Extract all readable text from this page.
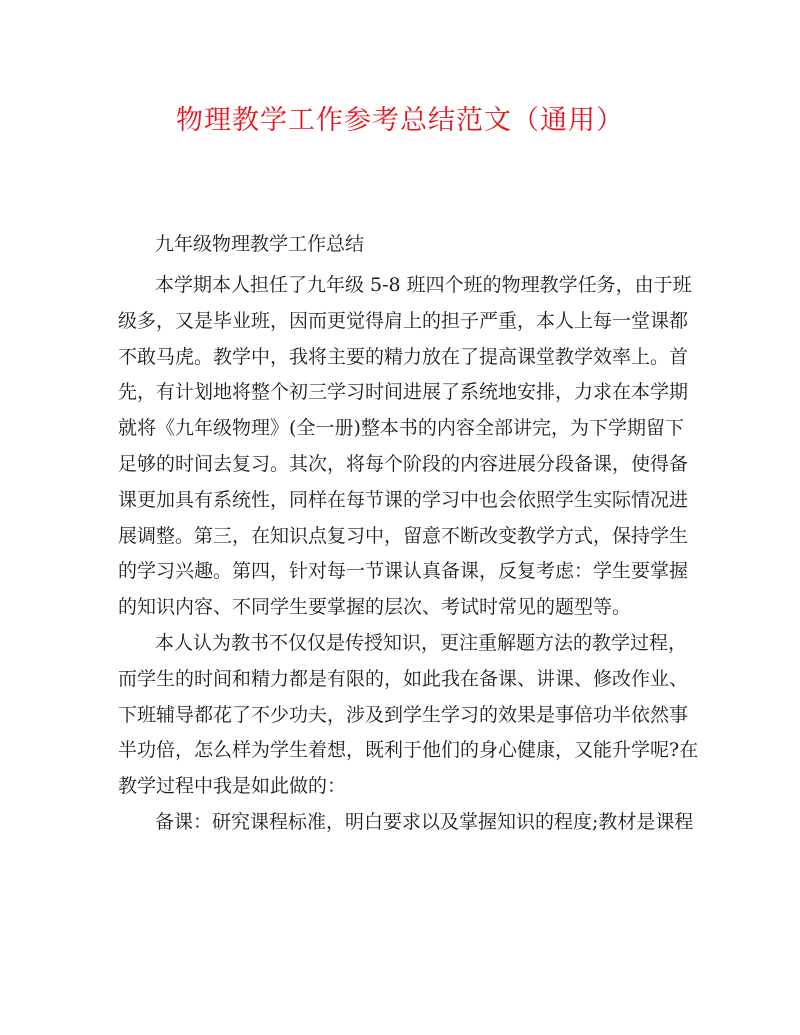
物理教学工作参考总结范文（通用）
九年级物理教学工作总结
本学期本人担任了九年级 5-8 班四个班的物理教学任务，由于班
级多，又是毕业班，因而更觉得肩上的担子严重，本人上每一堂课都
不敢马虎。教学中，我将主要的精力放在了提高课堂教学效率上。首
先，有计划地将整个初三学习时间进展了系统地安排，力求在本学期
就将《九年级物理》(全一册)整本书的内容全部讲完，为下学期留下
足够的时间去复习。其次，将每个阶段的内容进展分段备课，使得备
课更加具有系统性，同样在每节课的学习中也会依照学生实际情况进
展调整。第三，在知识点复习中，留意不断改变教学方式，保持学生
的学习兴趣。第四，针对每一节课认真备课，反复考虑：学生要掌握
的知识内容、不同学生要掌握的层次、考试时常见的题型等。
本人认为教书不仅仅是传授知识，更注重解题方法的教学过程，
而学生的时间和精力都是有限的，如此我在备课、讲课、修改作业、
下班辅导都花了不少功夫，涉及到学生学习的效果是事倍功半依然事
半功倍，怎么样为学生着想，既利于他们的身心健康，又能升学呢?在
教学过程中我是如此做的：
备课：研究课程标准，明白要求以及掌握知识的程度;教材是课程
